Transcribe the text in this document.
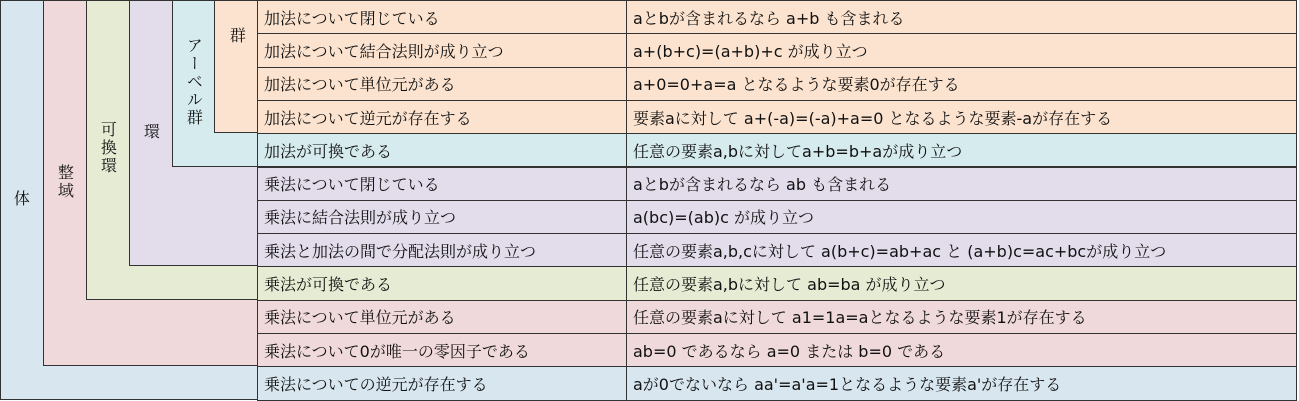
体 整域
可換環 環
アーベル群
群
加法について閉じている	aとbが含まれるなら a+b も含まれる
加法について結合法則が成り立つ	a+(b+c)=(a+b)+c が成り立つ
加法について単位元がある	a+0=0+a=a となるような要素0が存在する
加法について逆元が存在する	要素aに対して a+(-a)=(-a)+a=0 となるような要素-aが存在する
加法が可換である	任意の要素a,bに対してa+b=b+aが成り立つ
乗法について閉じている	aとbが含まれるなら ab も含まれる
乗法に結合法則が成り立つ	a(bc)=(ab)c が成り立つ
乗法と加法の間で分配法則が成り立つ	任意の要素a,b,cに対して a(b+c)=ab+ac と (a+b)c=ac+bcが成り立つ
乗法が可換である	任意の要素a,bに対して ab=ba が成り立つ
乗法について単位元がある	任意の要素aに対して a1=1a=aとなるような要素1が存在する
乗法について0が唯一の零因子である	ab=0 であるなら a=0 または b=0 である
乗法についての逆元が存在する	aが0でないなら aa'=a'a=1となるような要素a'が存在する
